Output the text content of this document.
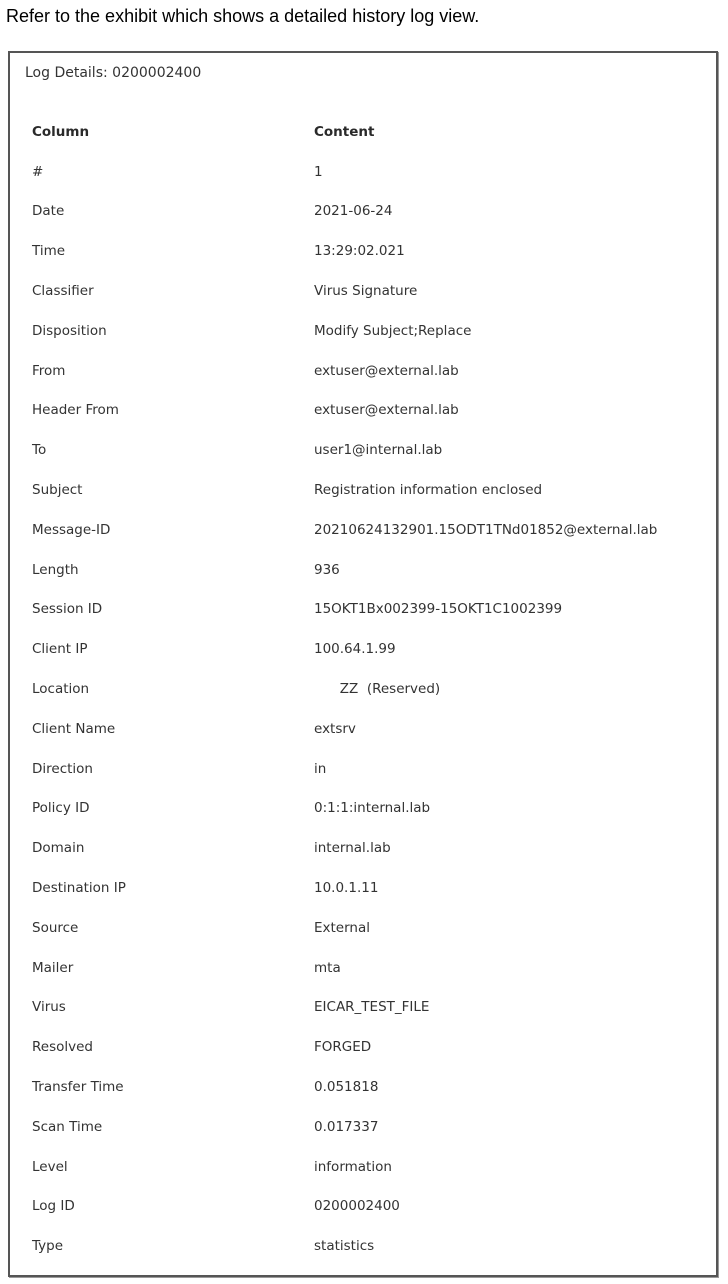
Refer to the exhibit which shows a detailed history log view.
Log Details: 0200002400
Column	Content
#	1
Date	2021-06-24
Time	13:29:02.021
Classifier	Virus Signature
Disposition	Modify Subject;Replace
From	extuser@external.lab
Header From	extuser@external.lab
To	user1@internal.lab
Subject	Registration information enclosed
Message-ID	20210624132901.15ODT1TNd01852@external.lab
Length	936
Session ID	15OKT1Bx002399-15OKT1C1002399
Client IP	100.64.1.99
Location	ZZ  (Reserved)
Client Name	extsrv
Direction	in
Policy ID	0:1:1:internal.lab
Domain	internal.lab
Destination IP	10.0.1.11
Source	External
Mailer	mta
Virus	EICAR_TEST_FILE
Resolved	FORGED
Transfer Time	0.051818
Scan Time	0.017337
Level	information
Log ID	0200002400
Type	statistics
